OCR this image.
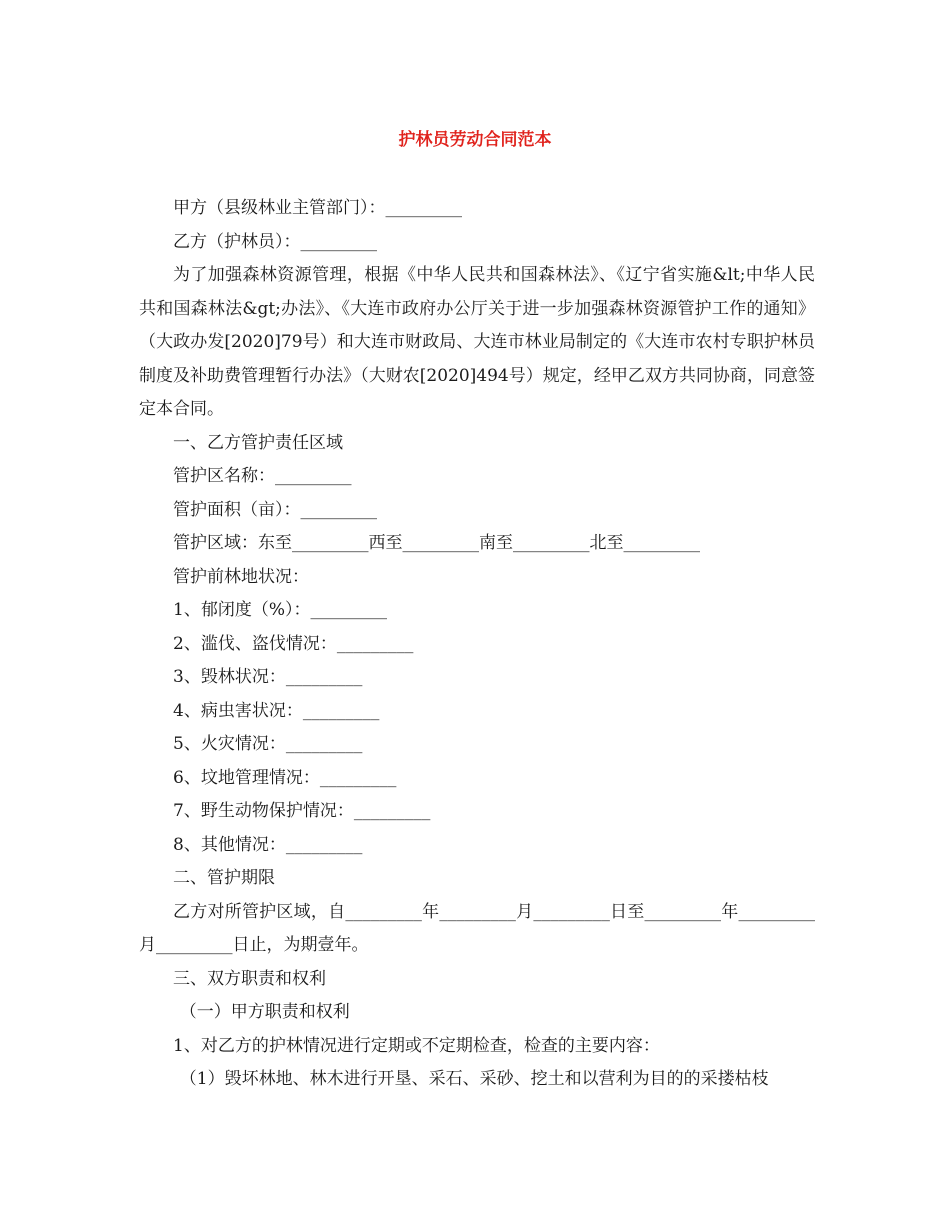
护林员劳动合同范本

甲方（县级林业主管部门）：_________

乙方（护林员）：_________

为了加强森林资源管理，根据《中华人民共和国森林法》、《辽宁省实施&lt;中华人民共和国森林法&gt;办法》、《大连市政府办公厅关于进一步加强森林资源管护工作的通知》（大政办发[2020]79号）和大连市财政局、大连市林业局制定的《大连市农村专职护林员制度及补助费管理暂行办法》（大财农[2020]494号）规定，经甲乙双方共同协商，同意签定本合同。

一、乙方管护责任区域

管护区名称：_________

管护面积（亩）：_________

管护区域：东至_________西至_________南至_________北至_________

管护前林地状况：

1、郁闭度（%）：_________

2、滥伐、盗伐情况：_________

3、毁林状况：_________

4、病虫害状况：_________

5、火灾情况：_________

6、坟地管理情况：_________

7、野生动物保护情况：_________

8、其他情况：_________

二、管护期限

乙方对所管护区域，自_________年_________月_________日至_________年_________月_________日止，为期壹年。

三、双方职责和权利

（一）甲方职责和权利

1、对乙方的护林情况进行定期或不定期检查，检查的主要内容：

（1）毁坏林地、林木进行开垦、采石、采砂、挖土和以营利为目的的采搂枯枝
